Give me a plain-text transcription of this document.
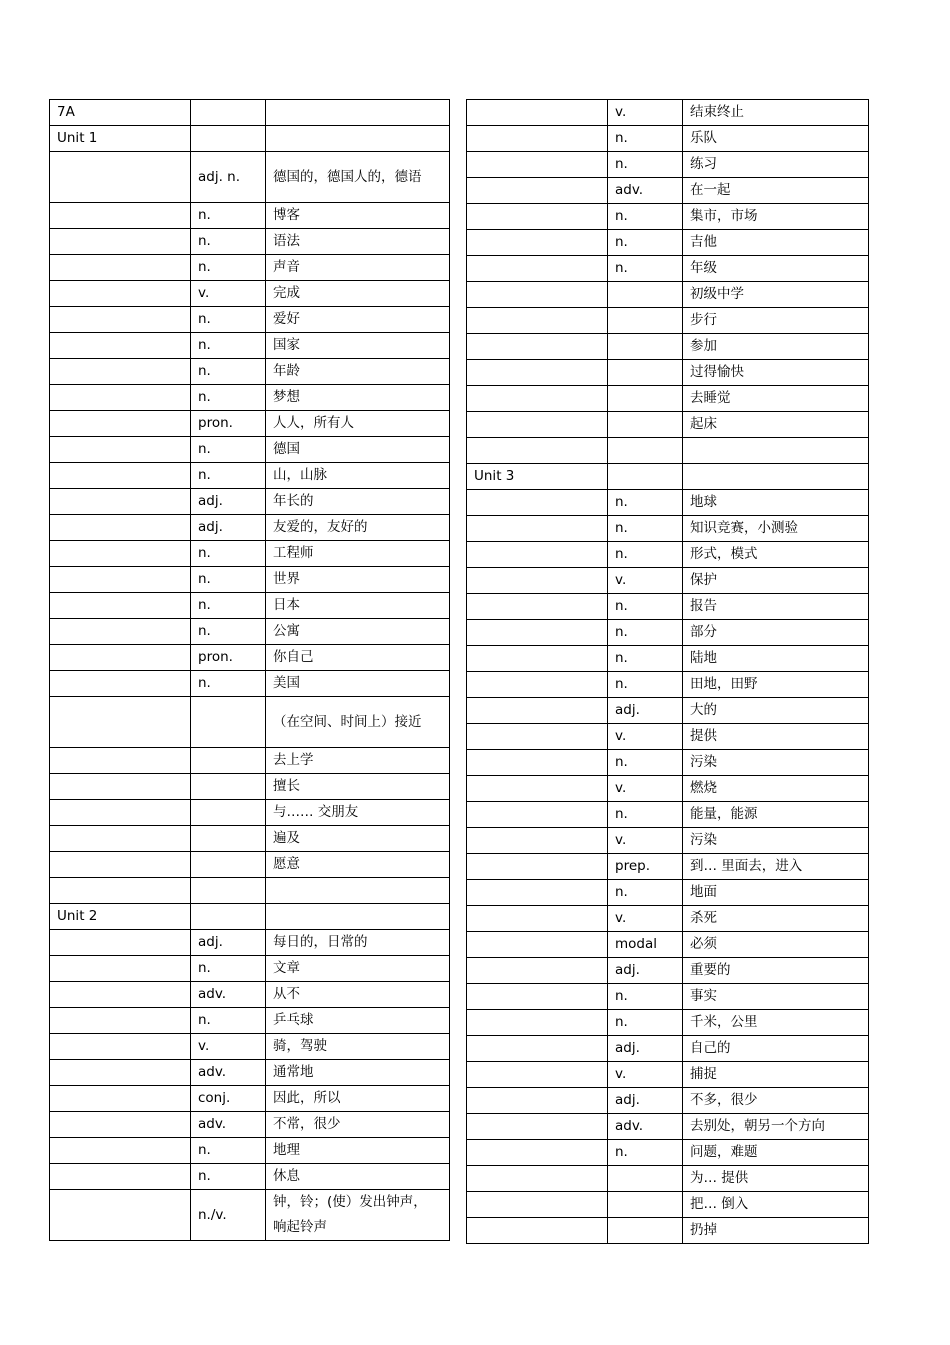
7A		
Unit 1		
	adj. n.	德国的，德国人的，德语
	n.	博客
	n.	语法
	n.	声音
	v.	完成
	n.	爱好
	n.	国家
	n.	年龄
	n.	梦想
	pron.	人人，所有人
	n.	德国
	n.	山，山脉
	adj.	年长的
	adj.	友爱的，友好的
	n.	工程师
	n.	世界
	n.	日本
	n.	公寓
	pron.	你自己
	n.	美国
		（在空间、时间上）接近
		去上学
		擅长
		与…… 交朋友
		遍及
		愿意

Unit 2		
	adj.	每日的，日常的
	n.	文章
	adv.	从不
	n.	乒乓球
	v.	骑，驾驶
	adv.	通常地
	conj.	因此，所以
	adv.	不常，很少
	n.	地理
	n.	休息
	n./v.	钟，铃；(使）发出钟声，响起铃声
	v.	结束终止
	n.	乐队
	n.	练习
	adv.	在一起
	n.	集市，市场
	n.	吉他
	n.	年级
		初级中学
		步行
		参加
		过得愉快
		去睡觉
		起床

Unit 3		
	n.	地球
	n.	知识竞赛，小测验
	n.	形式，模式
	v.	保护
	n.	报告
	n.	部分
	n.	陆地
	n.	田地，田野
	adj.	大的
	v.	提供
	n.	污染
	v.	燃烧
	n.	能量，能源
	v.	污染
	prep.	到… 里面去，进入
	n.	地面
	v.	杀死
	modal	必须
	adj.	重要的
	n.	事实
	n.	千米，公里
	adj.	自己的
	v.	捕捉
	adj.	不多，很少
	adv.	去别处，朝另一个方向
	n.	问题，难题
		为… 提供
		把… 倒入
		扔掉
